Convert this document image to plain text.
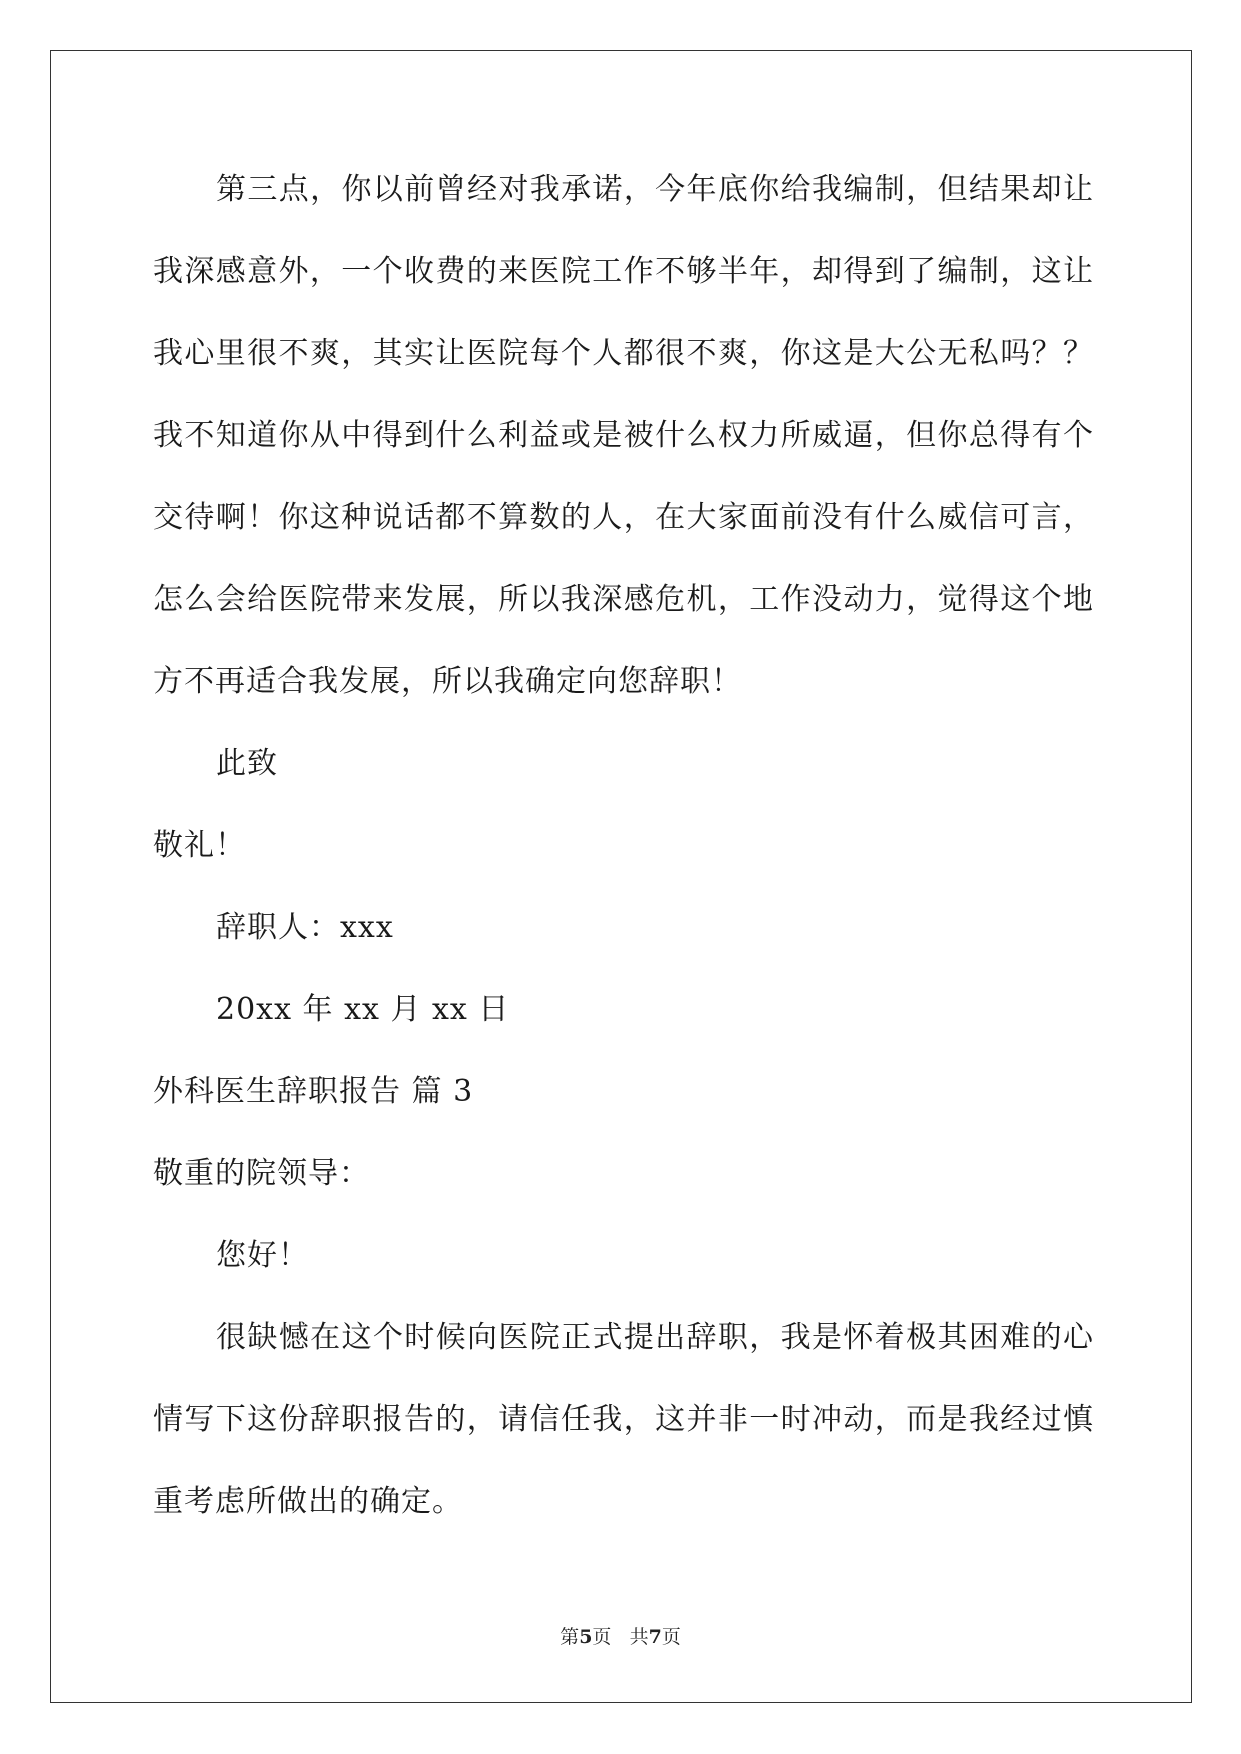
第三点，你以前曾经对我承诺，今年底你给我编制，但结果却让
我深感意外，一个收费的来医院工作不够半年，却得到了编制，这让
我心里很不爽，其实让医院每个人都很不爽，你这是大公无私吗？？
我不知道你从中得到什么利益或是被什么权力所威逼，但你总得有个
交待啊！你这种说话都不算数的人，在大家面前没有什么威信可言，
怎么会给医院带来发展，所以我深感危机，工作没动力，觉得这个地
方不再适合我发展，所以我确定向您辞职！
此致
敬礼！
辞职人：xxx
20xx 年 xx 月 xx 日
外科医生辞职报告 篇 3
敬重的院领导：
您好！
很缺憾在这个时候向医院正式提出辞职，我是怀着极其困难的心
情写下这份辞职报告的，请信任我，这并非一时冲动，而是我经过慎
重考虑所做出的确定。
第5页 共7页
